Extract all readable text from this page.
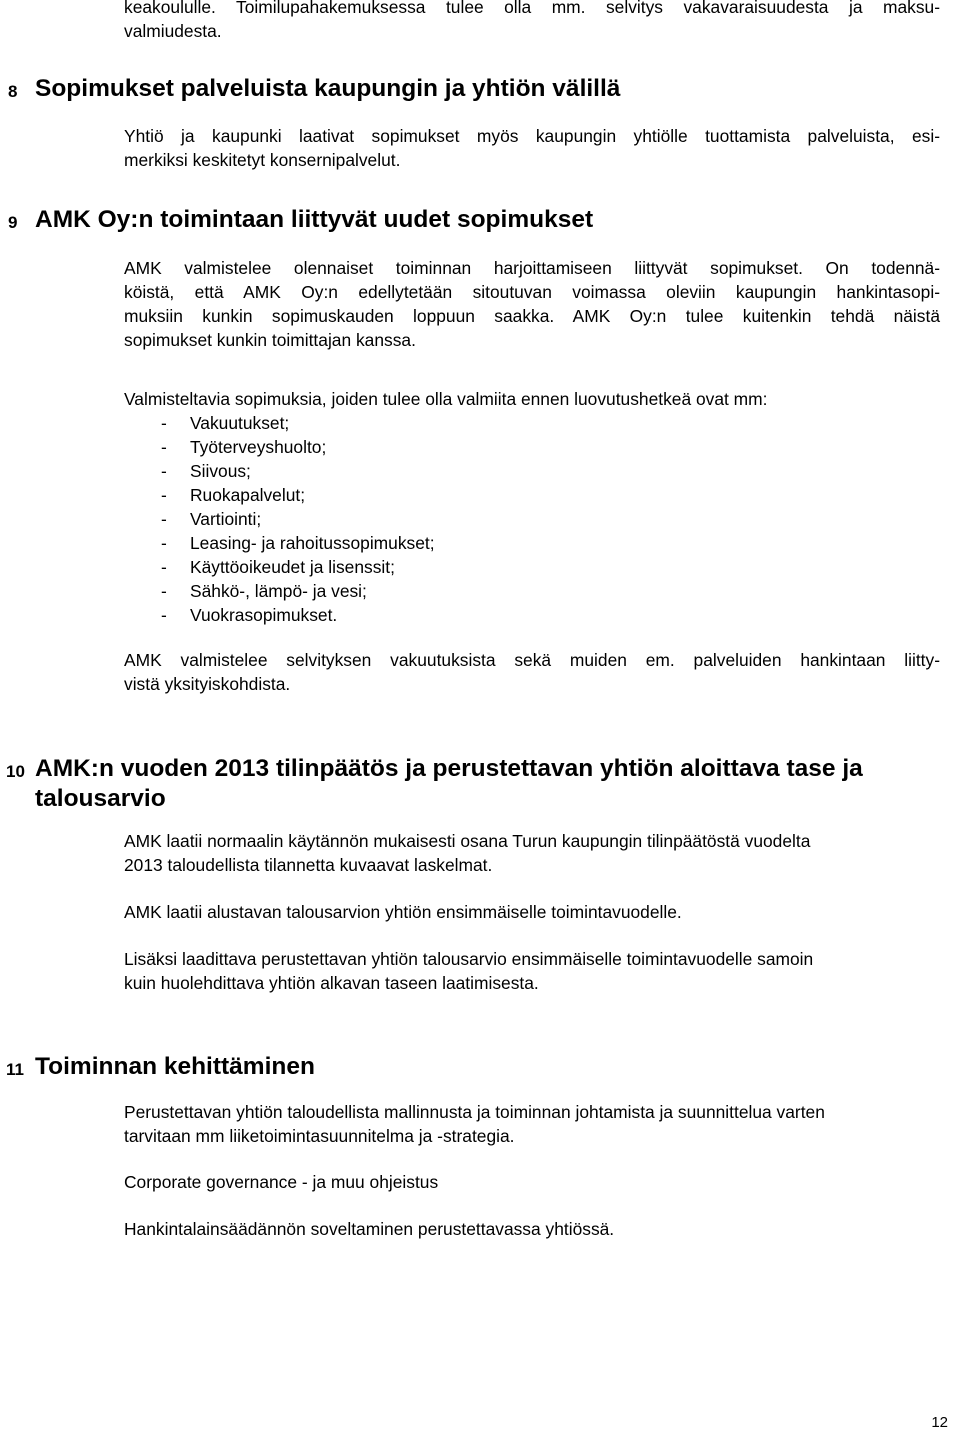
keakoululle. Toimilupahakemuksessa tulee olla mm. selvitys vakavaraisuudesta ja maksu-
valmiudesta.

8 Sopimukset palveluista kaupungin ja yhtiön välillä

Yhtiö ja kaupunki laativat sopimukset myös kaupungin yhtiölle tuottamista palveluista, esi-
merkiksi keskitetyt konsernipalvelut.

9 AMK Oy:n toimintaan liittyvät uudet sopimukset

AMK valmistelee olennaiset toiminnan harjoittamiseen liittyvät sopimukset. On todennä-
köistä, että AMK Oy:n edellytetään sitoutuvan voimassa oleviin kaupungin hankintasopi-
muksiin kunkin sopimuskauden loppuun saakka. AMK Oy:n tulee kuitenkin tehdä näistä
sopimukset kunkin toimittajan kanssa.

Valmisteltavia sopimuksia, joiden tulee olla valmiita ennen luovutushetkeä ovat mm:

- Vakuutukset;
- Työterveyshuolto;
- Siivous;
- Ruokapalvelut;
- Vartiointi;
- Leasing- ja rahoitussopimukset;
- Käyttöoikeudet ja lisenssit;
- Sähkö-, lämpö- ja vesi;
- Vuokrasopimukset.

AMK valmistelee selvityksen vakuutuksista sekä muiden em. palveluiden hankintaan liitty-
vistä yksityiskohdista.

10 AMK:n vuoden 2013 tilinpäätös ja perustettavan yhtiön aloittava tase ja
talousarvio

AMK laatii normaalin käytännön mukaisesti osana Turun kaupungin tilinpäätöstä vuodelta
2013 taloudellista tilannetta kuvaavat laskelmat.

AMK laatii alustavan talousarvion yhtiön ensimmäiselle toimintavuodelle.

Lisäksi laadittava perustettavan yhtiön talousarvio ensimmäiselle toimintavuodelle samoin
kuin huolehdittava yhtiön alkavan taseen laatimisesta.

11 Toiminnan kehittäminen

Perustettavan yhtiön taloudellista mallinnusta ja toiminnan johtamista ja suunnittelua varten
tarvitaan mm liiketoimintasuunnitelma ja -strategia.

Corporate governance - ja muu ohjeistus

Hankintalainsäädännön soveltaminen perustettavassa yhtiössä.

12
